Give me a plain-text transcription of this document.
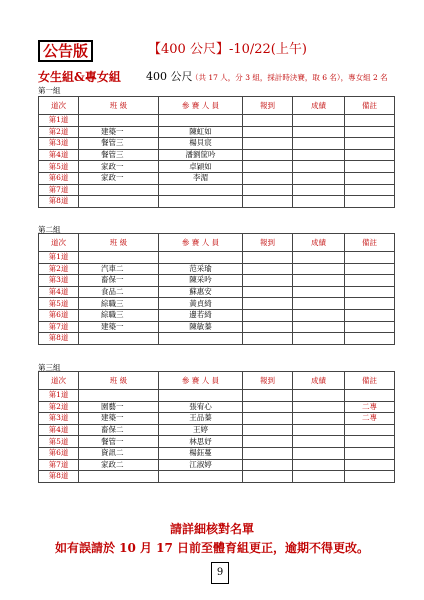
公告版	【400 公尺】-10/22(上午)
女生組&專女組 400 公尺
（共 17 人，分 3 組，採計時決賽，取 6 名），專女組 2 名
第一組
道次	班 級	參 賽 人 員	報到	成績	備註
第1道					
第2道	建築一	陳虹如			
第3道	餐管三	楊貝宸			
第4道	餐管三	潘劉筐吟			
第5道	家政一	卓穎如			
第6道	家政一	李湄			
第7道					
第8道					
第二組
道次	班 級	參 賽 人 員	報到	成績	備註
第1道					
第2道	汽車二	范采瑜			
第3道	畜保一	陳采吟			
第4道	食品二	蘇惠安			
第5道	綜職三	黃貞綺			
第6道	綜職三	邊若綺			
第7道	建築一	陳敏蓁			
第8道					
第三組
道次	班 級	參 賽 人 員	報到	成績	備註
第1道					
第2道	園藝一	張宥心			二專
第3道	建築一	王品蓁			二專
第4道	畜保二	王婷			
第5道	餐管一	林思妤			
第6道	資訊二	楊鈺蔓			
第7道	家政二	江淑婷			
第8道					
請詳細核對名單
如有誤請於 10 月 17 日前至體育組更正，逾期不得更改。
9
